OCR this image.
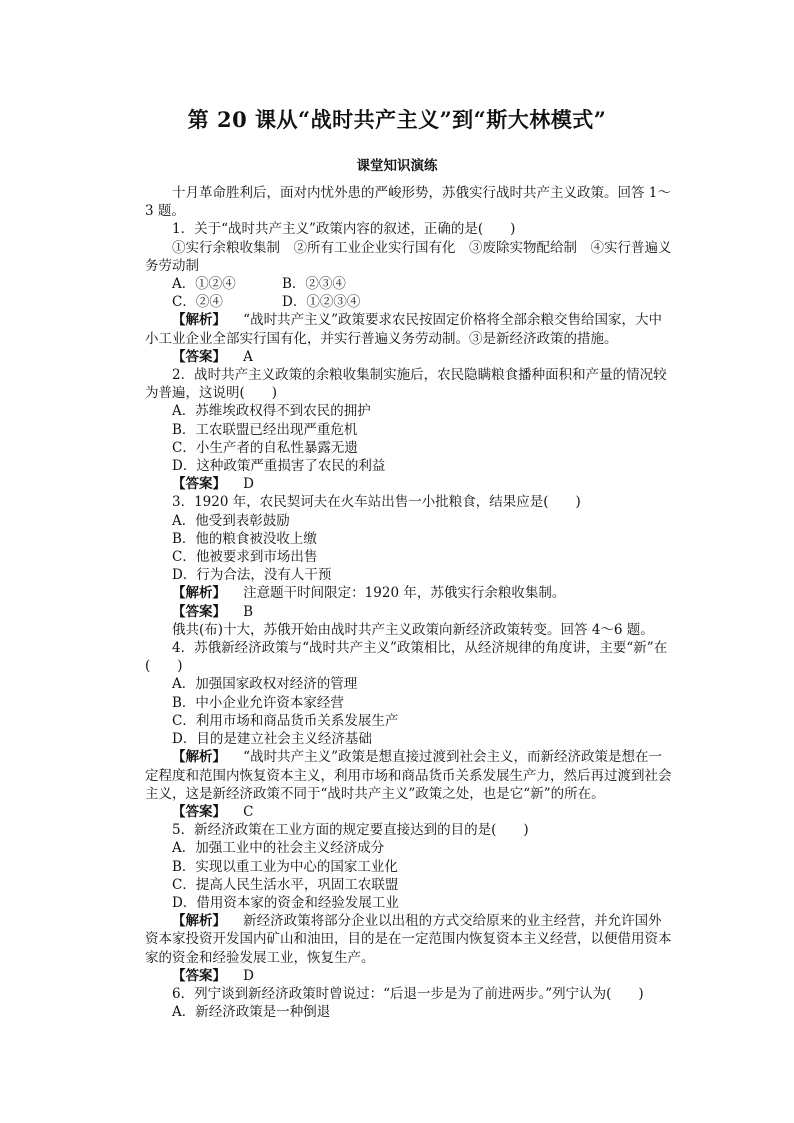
第 20 课从“战时共产主义”到“斯大林模式”
课堂知识演练

十月革命胜利后，面对内忧外患的严峻形势，苏俄实行战时共产主义政策。回答 1～3 题。

1．关于“战时共产主义”政策内容的叙述，正确的是(　　)

①实行余粮收集制　②所有工业企业实行国有化　③废除实物配给制　④实行普遍义务劳动制

A．①②④	B．②③④
C．②④	D．①②③④

【解析】 “战时共产主义”政策要求农民按固定价格将全部余粮交售给国家，大中小工业企业全部实行国有化，并实行普遍义务劳动制。③是新经济政策的措施。

【答案】 A

2．战时共产主义政策的余粮收集制实施后，农民隐瞒粮食播种面积和产量的情况较为普遍，这说明(　　)

A．苏维埃政权得不到农民的拥护

B．工农联盟已经出现严重危机

C．小生产者的自私性暴露无遗

D．这种政策严重损害了农民的利益

【答案】 D

3．1920 年，农民契诃夫在火车站出售一小批粮食，结果应是(　　)

A．他受到表彰鼓励

B．他的粮食被没收上缴

C．他被要求到市场出售

D．行为合法，没有人干预

【解析】 注意题干时间限定：1920 年，苏俄实行余粮收集制。

【答案】 B

俄共(布)十大，苏俄开始由战时共产主义政策向新经济政策转变。回答 4～6 题。

4．苏俄新经济政策与“战时共产主义”政策相比，从经济规律的角度讲，主要“新”在(　　)

A．加强国家政权对经济的管理

B．中小企业允许资本家经营

C．利用市场和商品货币关系发展生产

D．目的是建立社会主义经济基础

【解析】 “战时共产主义”政策是想直接过渡到社会主义，而新经济政策是想在一定程度和范围内恢复资本主义，利用市场和商品货币关系发展生产力，然后再过渡到社会主义，这是新经济政策不同于“战时共产主义”政策之处，也是它“新”的所在。

【答案】 C

5．新经济政策在工业方面的规定要直接达到的目的是(　　)

A．加强工业中的社会主义经济成分

B．实现以重工业为中心的国家工业化

C．提高人民生活水平，巩固工农联盟

D．借用资本家的资金和经验发展工业

【解析】 新经济政策将部分企业以出租的方式交给原来的业主经营，并允许国外资本家投资开发国内矿山和油田，目的是在一定范围内恢复资本主义经营，以便借用资本家的资金和经验发展工业，恢复生产。

【答案】 D

6．列宁谈到新经济政策时曾说过：“后退一步是为了前进两步。”列宁认为(　　)

A．新经济政策是一种倒退
